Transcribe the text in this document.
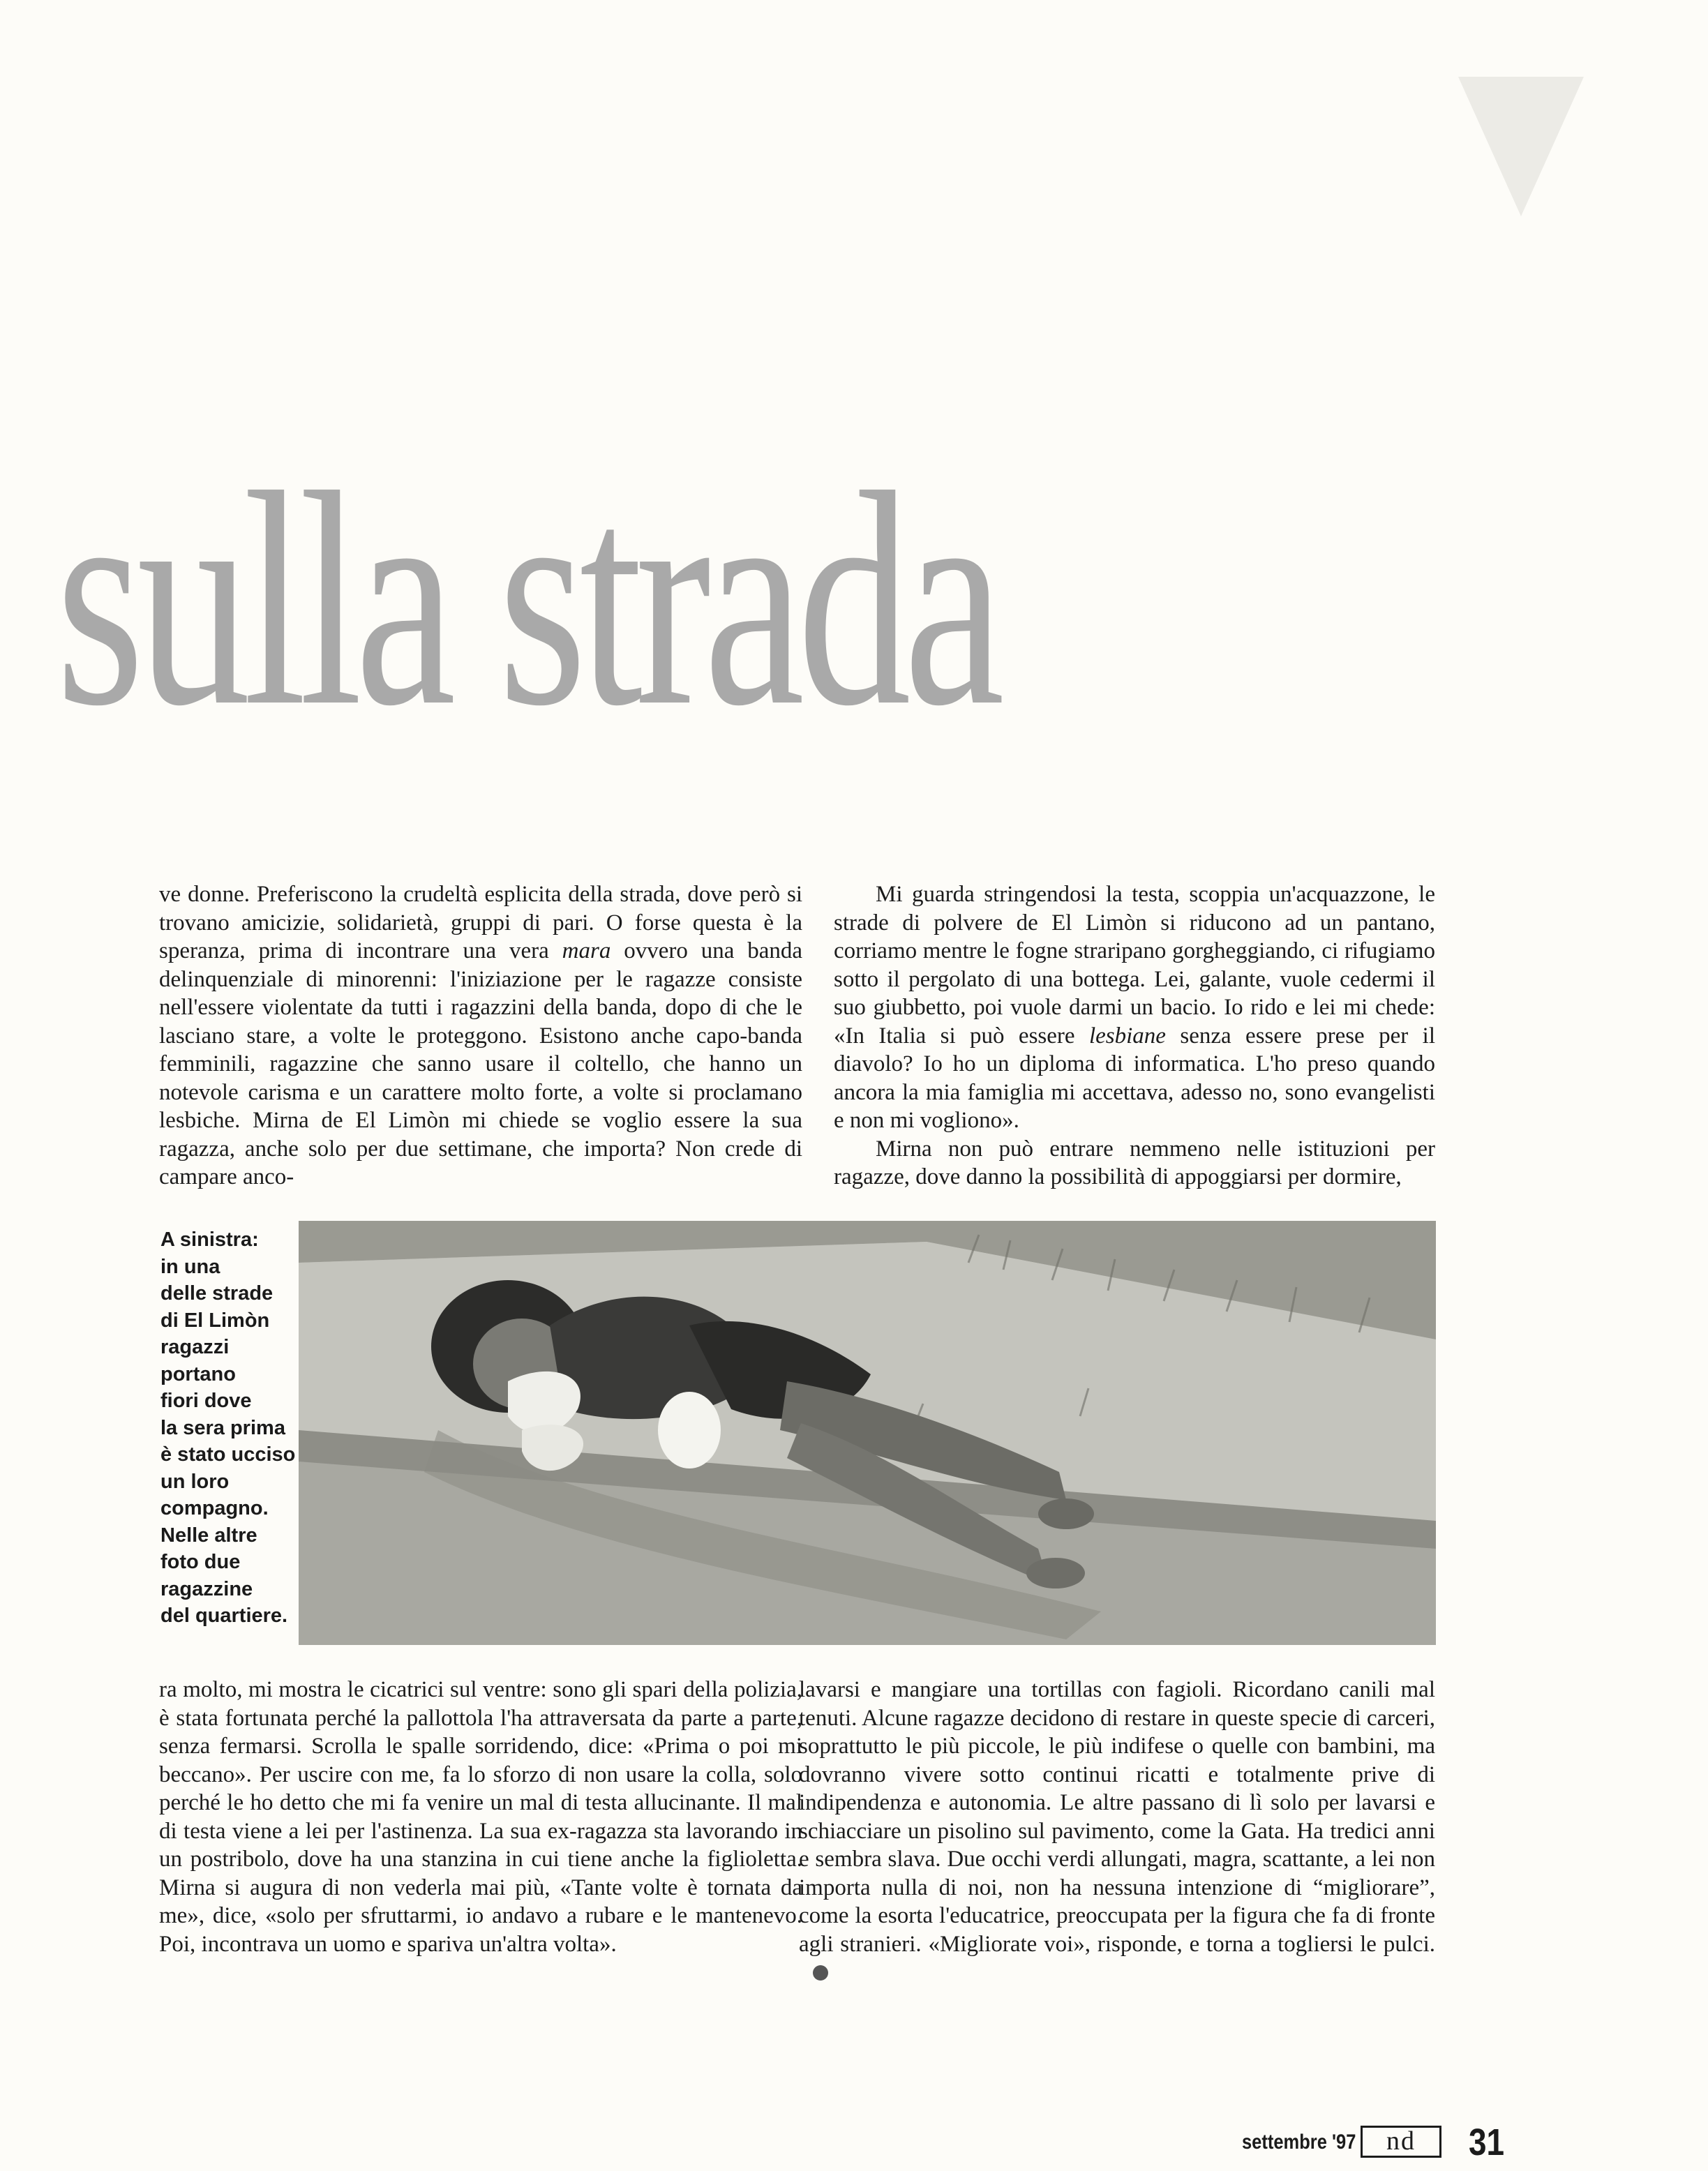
sulla strada

ve donne. Preferiscono la crudeltà esplicita della strada, dove però si trovano amicizie, solidarietà, gruppi di pari. O forse questa è la speranza, prima di incontrare una vera mara ovvero una banda delinquenziale di minorenni: l'iniziazione per le ragazze consiste nell'essere violentate da tutti i ragazzini della banda, dopo di che le lasciano stare, a volte le proteggono. Esistono anche capo-banda femminili, ragazzine che sanno usare il coltello, che hanno un notevole carisma e un carattere molto forte, a volte si proclamano lesbiche. Mirna de El Limòn mi chiede se voglio essere la sua ragazza, anche solo per due settimane, che importa? Non crede di campare anco-

Mi guarda stringendosi la testa, scoppia un'acquazzone, le strade di polvere de El Limòn si riducono ad un pantano, corriamo mentre le fogne straripano gorgheggiando, ci rifugiamo sotto il pergolato di una bottega. Lei, galante, vuole cedermi il suo giubbetto, poi vuole darmi un bacio. Io rido e lei mi chede: «In Italia si può essere lesbiane senza essere prese per il diavolo? Io ho un diploma di informatica. L'ho preso quando ancora la mia famiglia mi accettava, adesso no, sono evangelisti e non mi vogliono».

Mirna non può entrare nemmeno nelle istituzioni per ragazze, dove danno la possibilità di appoggiarsi per dormire,

A sinistra:
in una
delle strade
di El Limòn
ragazzi
portano
fiori dove
la sera prima
è stato ucciso
un loro
compagno.
Nelle altre
foto due
ragazzine
del quartiere.

ra molto, mi mostra le cicatrici sul ventre: sono gli spari della polizia, è stata fortunata perché la pallottola l'ha attraversata da parte a parte, senza fermarsi. Scrolla le spalle sorridendo, dice: «Prima o poi mi beccano». Per uscire con me, fa lo sforzo di non usare la colla, solo perché le ho detto che mi fa venire un mal di testa allucinante. Il mal di testa viene a lei per l'astinenza. La sua ex-ragazza sta lavorando in un postribolo, dove ha una stanzina in cui tiene anche la figlioletta. Mirna si augura di non vederla mai più, «Tante volte è tornata da me», dice, «solo per sfruttarmi, io andavo a rubare e le mantenevo. Poi, incontrava un uomo e spariva un'altra volta».

lavarsi e mangiare una tortillas con fagioli. Ricordano canili mal tenuti. Alcune ragazze decidono di restare in queste specie di carceri, soprattutto le più piccole, le più indifese o quelle con bambini, ma dovranno vivere sotto continui ricatti e totalmente prive di indipendenza e autonomia. Le altre passano di lì solo per lavarsi e schiacciare un pisolino sul pavimento, come la Gata. Ha tredici anni e sembra slava. Due occhi verdi allungati, magra, scattante, a lei non importa nulla di noi, non ha nessuna intenzione di “migliorare”, come la esorta l'educatrice, preoccupata per la figura che fa di fronte agli stranieri. «Migliorate voi», risponde, e torna a togliersi le pulci.

settembre '97	nd	31
